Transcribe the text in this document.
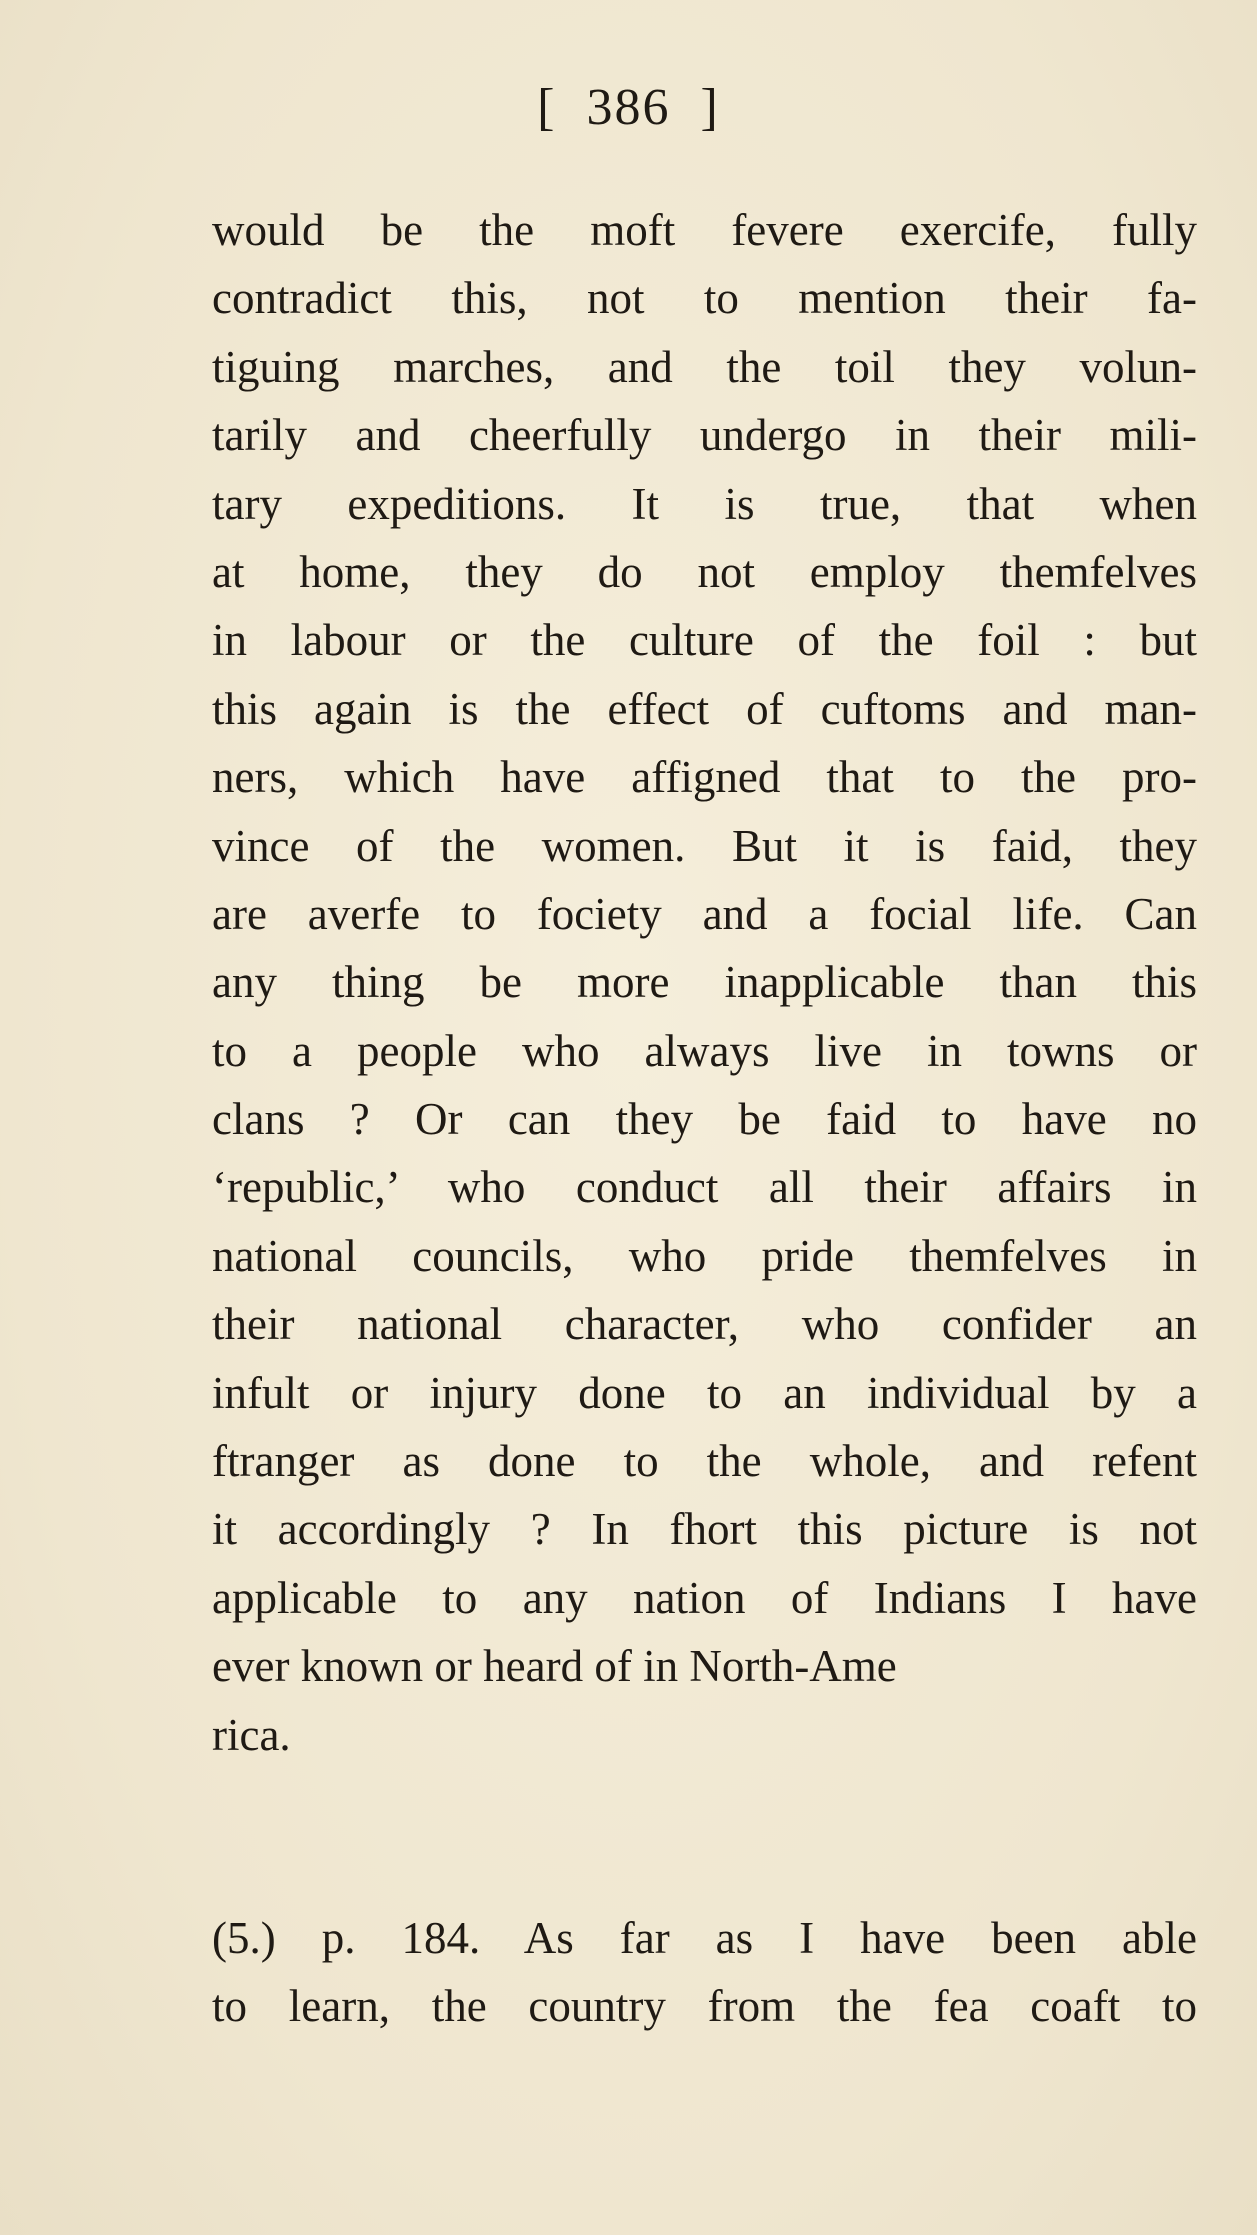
[ 386 ]
would be the moft fevere exercife, fully
contradict this, not to mention their fa-
tiguing marches, and the toil they volun-
tarily and cheerfully undergo in their mili-
tary expeditions. It is true, that when
at home, they do not employ themfelves
in labour or the culture of the foil : but
this again is the effect of cuftoms and man-
ners, which have affigned that to the pro-
vince of the women. But it is faid, they
are averfe to fociety and a focial life. Can
any thing be more inapplicable than this
to a people who always live in towns or
clans ? Or can they be faid to have no
‘republic,’ who conduct all their affairs in
national councils, who pride themfelves in
their national character, who confider an
infult or injury done to an individual by a
ftranger as done to the whole, and refent
it accordingly ? In fhort this picture is not
applicable to any nation of Indians I have
ever known or heard of in North-Ame
rica.
(5.) p. 184. As far as I have been able
to learn, the country from the fea coaft to
